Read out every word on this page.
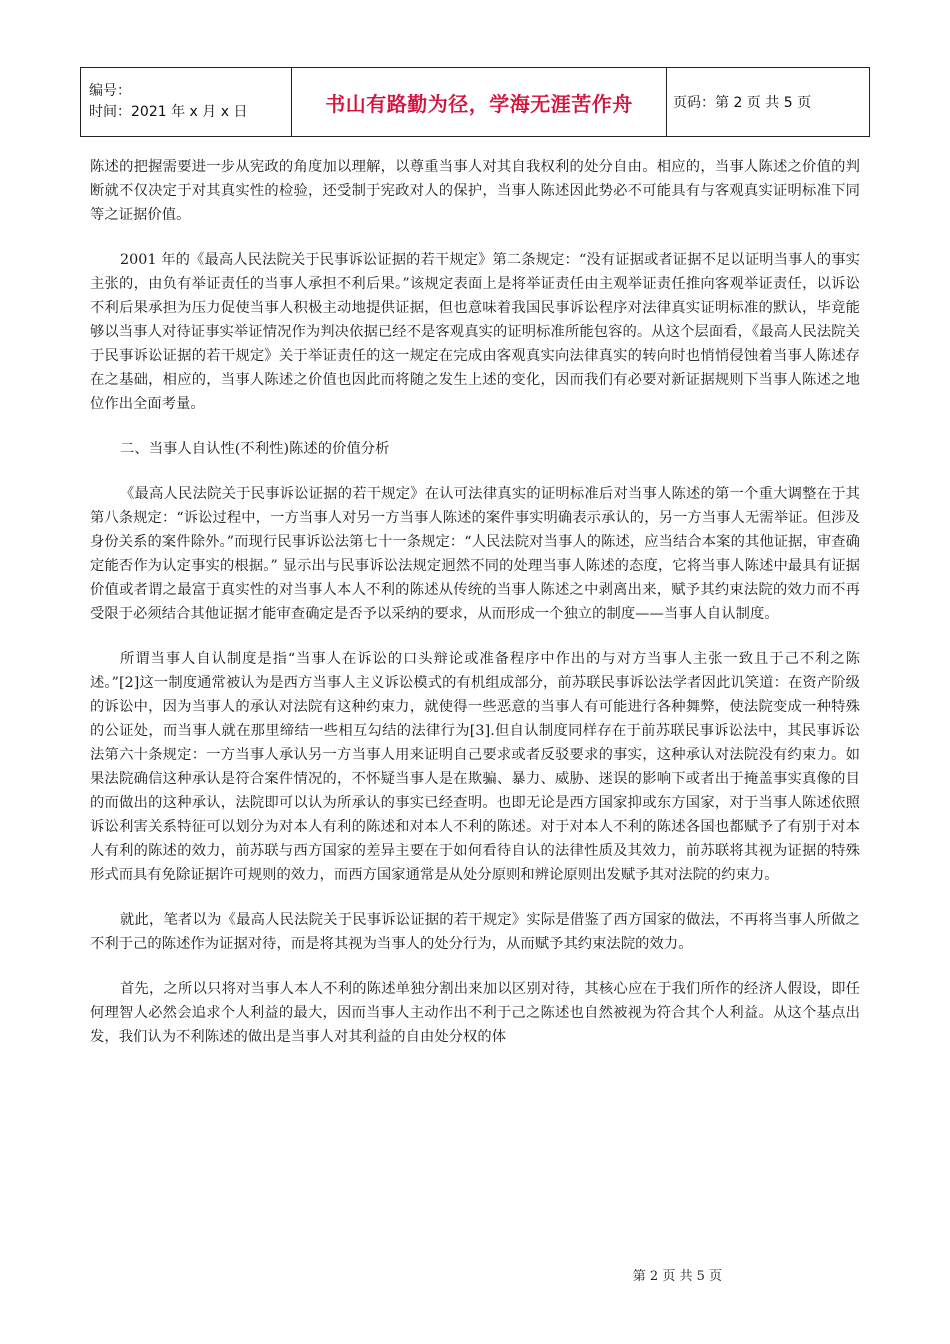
编号：
时间：2021 年 x 月 x 日	书山有路勤为径，学海无涯苦作舟	页码：第 2 页 共 5 页

陈述的把握需要进一步从宪政的角度加以理解，以尊重当事人对其自我权利的处分自由。相应的，当事人陈述之价值的判断就不仅决定于对其真实性的检验，还受制于宪政对人的保护，当事人陈述因此势必不可能具有与客观真实证明标准下同等之证据价值。

2001 年的《最高人民法院关于民事诉讼证据的若干规定》第二条规定：“没有证据或者证据不足以证明当事人的事实主张的，由负有举证责任的当事人承担不利后果。”该规定表面上是将举证责任由主观举证责任推向客观举证责任，以诉讼不利后果承担为压力促使当事人积极主动地提供证据，但也意味着我国民事诉讼程序对法律真实证明标准的默认，毕竟能够以当事人对待证事实举证情况作为判决依据已经不是客观真实的证明标准所能包容的。从这个层面看，《最高人民法院关于民事诉讼证据的若干规定》关于举证责任的这一规定在完成由客观真实向法律真实的转向时也悄悄侵蚀着当事人陈述存在之基础，相应的，当事人陈述之价值也因此而将随之发生上述的变化，因而我们有必要对新证据规则下当事人陈述之地位作出全面考量。

二、当事人自认性(不利性)陈述的价值分析

《最高人民法院关于民事诉讼证据的若干规定》在认可法律真实的证明标准后对当事人陈述的第一个重大调整在于其第八条规定：“诉讼过程中，一方当事人对另一方当事人陈述的案件事实明确表示承认的，另一方当事人无需举证。但涉及身份关系的案件除外。”而现行民事诉讼法第七十一条规定：“人民法院对当事人的陈述，应当结合本案的其他证据，审查确定能否作为认定事实的根据。” 显示出与民事诉讼法规定迥然不同的处理当事人陈述的态度，它将当事人陈述中最具有证据价值或者谓之最富于真实性的对当事人本人不利的陈述从传统的当事人陈述之中剥离出来，赋予其约束法院的效力而不再受限于必须结合其他证据才能审查确定是否予以采纳的要求，从而形成一个独立的制度——当事人自认制度。

所谓当事人自认制度是指“当事人在诉讼的口头辩论或准备程序中作出的与对方当事人主张一致且于己不利之陈述。”[2]这一制度通常被认为是西方当事人主义诉讼模式的有机组成部分，前苏联民事诉讼法学者因此讥笑道：在资产阶级的诉讼中，因为当事人的承认对法院有这种约束力，就使得一些恶意的当事人有可能进行各种舞弊，使法院变成一种特殊的公证处，而当事人就在那里缔结一些相互勾结的法律行为[3].但自认制度同样存在于前苏联民事诉讼法中，其民事诉讼法第六十条规定：一方当事人承认另一方当事人用来证明自己要求或者反驳要求的事实，这种承认对法院没有约束力。如果法院确信这种承认是符合案件情况的，不怀疑当事人是在欺骗、暴力、威胁、迷误的影响下或者出于掩盖事实真像的目的而做出的这种承认，法院即可以认为所承认的事实已经查明。也即无论是西方国家抑或东方国家，对于当事人陈述依照诉讼利害关系特征可以划分为对本人有利的陈述和对本人不利的陈述。对于对本人不利的陈述各国也都赋予了有别于对本人有利的陈述的效力，前苏联与西方国家的差异主要在于如何看待自认的法律性质及其效力，前苏联将其视为证据的特殊形式而具有免除证据许可规则的效力，而西方国家通常是从处分原则和辨论原则出发赋予其对法院的约束力。

就此，笔者以为《最高人民法院关于民事诉讼证据的若干规定》实际是借鉴了西方国家的做法，不再将当事人所做之不利于己的陈述作为证据对待，而是将其视为当事人的处分行为，从而赋予其约束法院的效力。

首先，之所以只将对当事人本人不利的陈述单独分割出来加以区别对待，其核心应在于我们所作的经济人假设，即任何理智人必然会追求个人利益的最大，因而当事人主动作出不利于己之陈述也自然被视为符合其个人利益。从这个基点出发，我们认为不利陈述的做出是当事人对其利益的自由处分权的体

第 2 页 共 5 页
